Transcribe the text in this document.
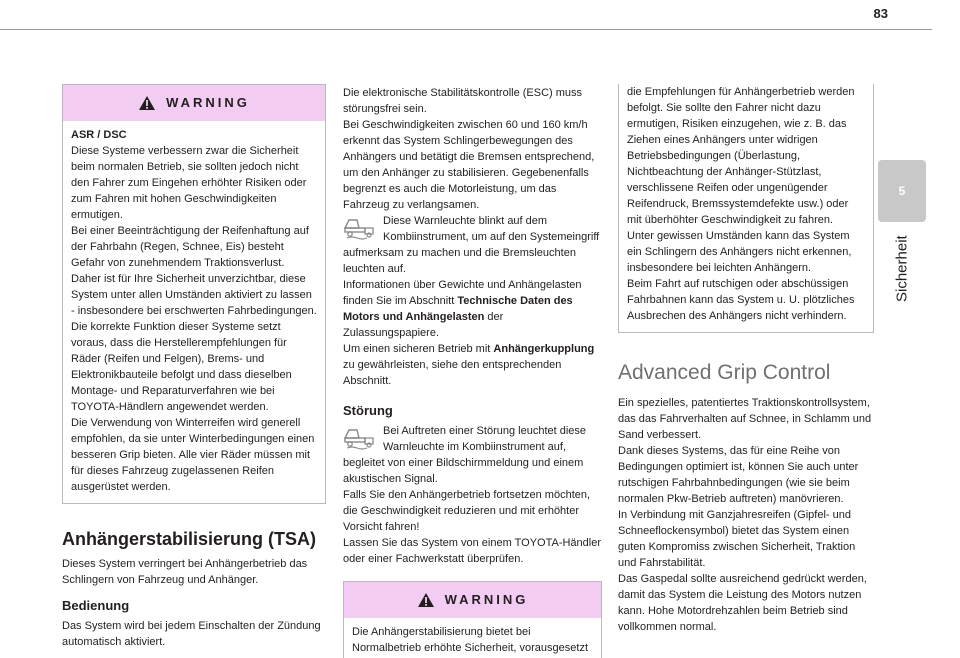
83
5
Sicherheit
WARNING

ASR / DSC

Diese Systeme verbessern zwar die Sicherheit beim normalen Betrieb, sie sollten jedoch nicht den Fahrer zum Eingehen erhöhter Risiken oder zum Fahren mit hohen Geschwindigkeiten ermutigen.
Bei einer Beeinträchtigung der Reifenhaftung auf der Fahrbahn (Regen, Schnee, Eis) besteht Gefahr von zunehmendem Traktionsverlust.
Daher ist für Ihre Sicherheit unverzichtbar, diese System unter allen Umständen aktiviert zu lassen - insbesondere bei erschwerten Fahrbedingungen.
Die korrekte Funktion dieser Systeme setzt voraus, dass die Herstellerempfehlungen für Räder (Reifen und Felgen), Brems- und Elektronikbauteile befolgt und dass dieselben Montage- und Reparaturverfahren wie bei TOYOTA-Händlern angewendet werden.
Die Verwendung von Winterreifen wird generell empfohlen, da sie unter Winterbedingungen einen besseren Grip bieten. Alle vier Räder müssen mit für dieses Fahrzeug zugelassenen Reifen ausgerüstet werden.

Anhängerstabilisierung (TSA)

Dieses System verringert bei Anhängerbetrieb das Schlingern von Fahrzeug und Anhänger.

Bedienung

Das System wird bei jedem Einschalten der Zündung automatisch aktiviert.

Die elektronische Stabilitätskontrolle (ESC) muss störungsfrei sein.
Bei Geschwindigkeiten zwischen 60 und 160 km/h erkennt das System Schlingerbewegungen des Anhängers und betätigt die Bremsen entsprechend, um den Anhänger zu stabilisieren. Gegebenenfalls begrenzt es auch die Motorleistung, um das Fahrzeug zu verlangsamen.

Diese Warnleuchte blinkt auf dem Kombiinstrument, um auf den Systemeingriff aufmerksam zu machen und die Bremsleuchten leuchten auf.

Informationen über Gewichte und Anhängelasten finden Sie im Abschnitt Technische Daten des Motors und Anhängelasten der Zulassungspapiere.

Um einen sicheren Betrieb mit Anhängerkupplung zu gewährleisten, siehe den entsprechenden Abschnitt.

Störung

Bei Auftreten einer Störung leuchtet diese Warnleuchte im Kombiinstrument auf, begleitet von einer Bildschirmmeldung und einem akustischen Signal.

Falls Sie den Anhängerbetrieb fortsetzen möchten, die Geschwindigkeit reduzieren und mit erhöhter Vorsicht fahren!
Lassen Sie das System von einem TOYOTA-Händler oder einer Fachwerkstatt überprüfen.

WARNING

Die Anhängerstabilisierung bietet bei Normalbetrieb erhöhte Sicherheit, vorausgesetzt

die Empfehlungen für Anhängerbetrieb werden befolgt. Sie sollte den Fahrer nicht dazu ermutigen, Risiken einzugehen, wie z. B. das Ziehen eines Anhängers unter widrigen Betriebsbedingungen (Überlastung, Nichtbeachtung der Anhänger-Stützlast, verschlissene Reifen oder ungenügender Reifendruck, Bremssystemdefekte usw.) oder mit überhöhter Geschwindigkeit zu fahren.
Unter gewissen Umständen kann das System ein Schlingern des Anhängers nicht erkennen, insbesondere bei leichten Anhängern.
Beim Fahrt auf rutschigen oder abschüssigen Fahrbahnen kann das System u. U. plötzliches Ausbrechen des Anhängers nicht verhindern.

Advanced Grip Control

Ein spezielles, patentiertes Traktionskontrollsystem, das das Fahrverhalten auf Schnee, in Schlamm und Sand verbessert.
Dank dieses Systems, das für eine Reihe von Bedingungen optimiert ist, können Sie auch unter rutschigen Fahrbahnbedingungen (wie sie beim normalen Pkw-Betrieb auftreten) manövrieren.
In Verbindung mit Ganzjahresreifen (Gipfel- und Schneeflockensymbol) bietet das System einen guten Kompromiss zwischen Sicherheit, Traktion und Fahrstabilität.
Das Gaspedal sollte ausreichend gedrückt werden, damit das System die Leistung des Motors nutzen kann. Hohe Motordrehzahlen beim Betrieb sind vollkommen normal.
